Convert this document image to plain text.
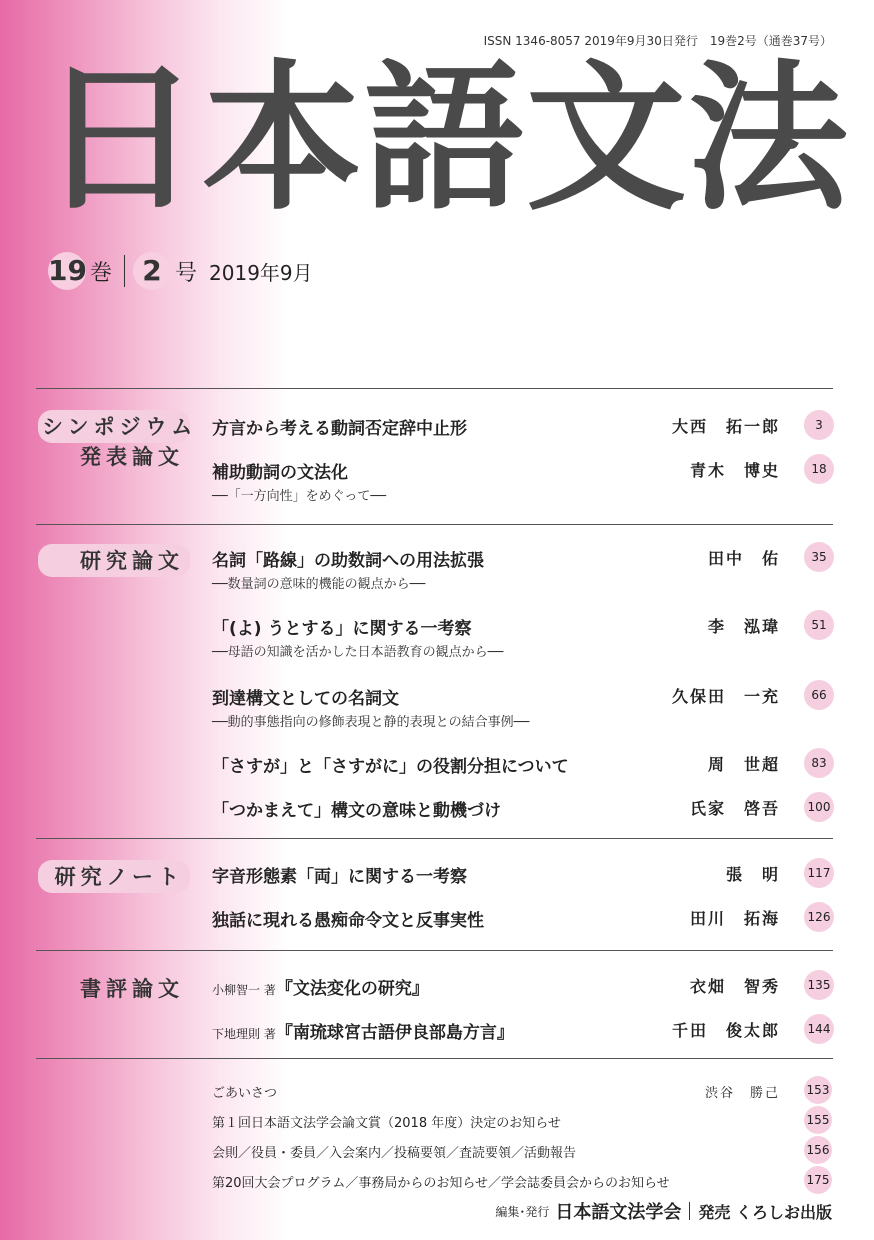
ISSN 1346-8057 2019年9月30日発行　19巻2号（通巻37号）
日本語文法
19 巻	2 号 2019年9月
シンポジウム
発表論文
方言から考える動詞否定辞中止形	大西　拓一郎	3
補助動詞の文法化
──「一方向性」をめぐって──
青木　博史	18
研究論文	名詞「路線」の助数詞への用法拡張
──数量詞の意味的機能の観点から──
田中　佑	35
「(よ) うとする」に関する一考察
──母語の知識を活かした日本語教育の観点から──
李　泓瑋	51
到達構文としての名詞文
──動的事態指向の修飾表現と静的表現との結合事例──
久保田　一充	66
「さすが」と「さすがに」の役割分担について	周　世超	83
「つかまえて」構文の意味と動機づけ	氏家　啓吾 100
研究ノート	字音形態素「両」に関する一考察	張　明 117
独話に現れる愚痴命令文と反事実性	田川　拓海 126
書評論文	小柳智一 著『文法変化の研究』	衣畑　智秀 135
下地理則 著『南琉球宮古語伊良部島方言』	千田　俊太郎 144
ごあいさつ	渋谷　勝己 153
第１回日本語文法学会論文賞（2018 年度）決定のお知らせ	155
会則／役員・委員／入会案内／投稿要領／査読要領／活動報告	156
第20回大会プログラム／事務局からのお知らせ／学会誌委員会からのお知らせ	175
編集･発行 日本語文法学会 発売 くろしお出版
